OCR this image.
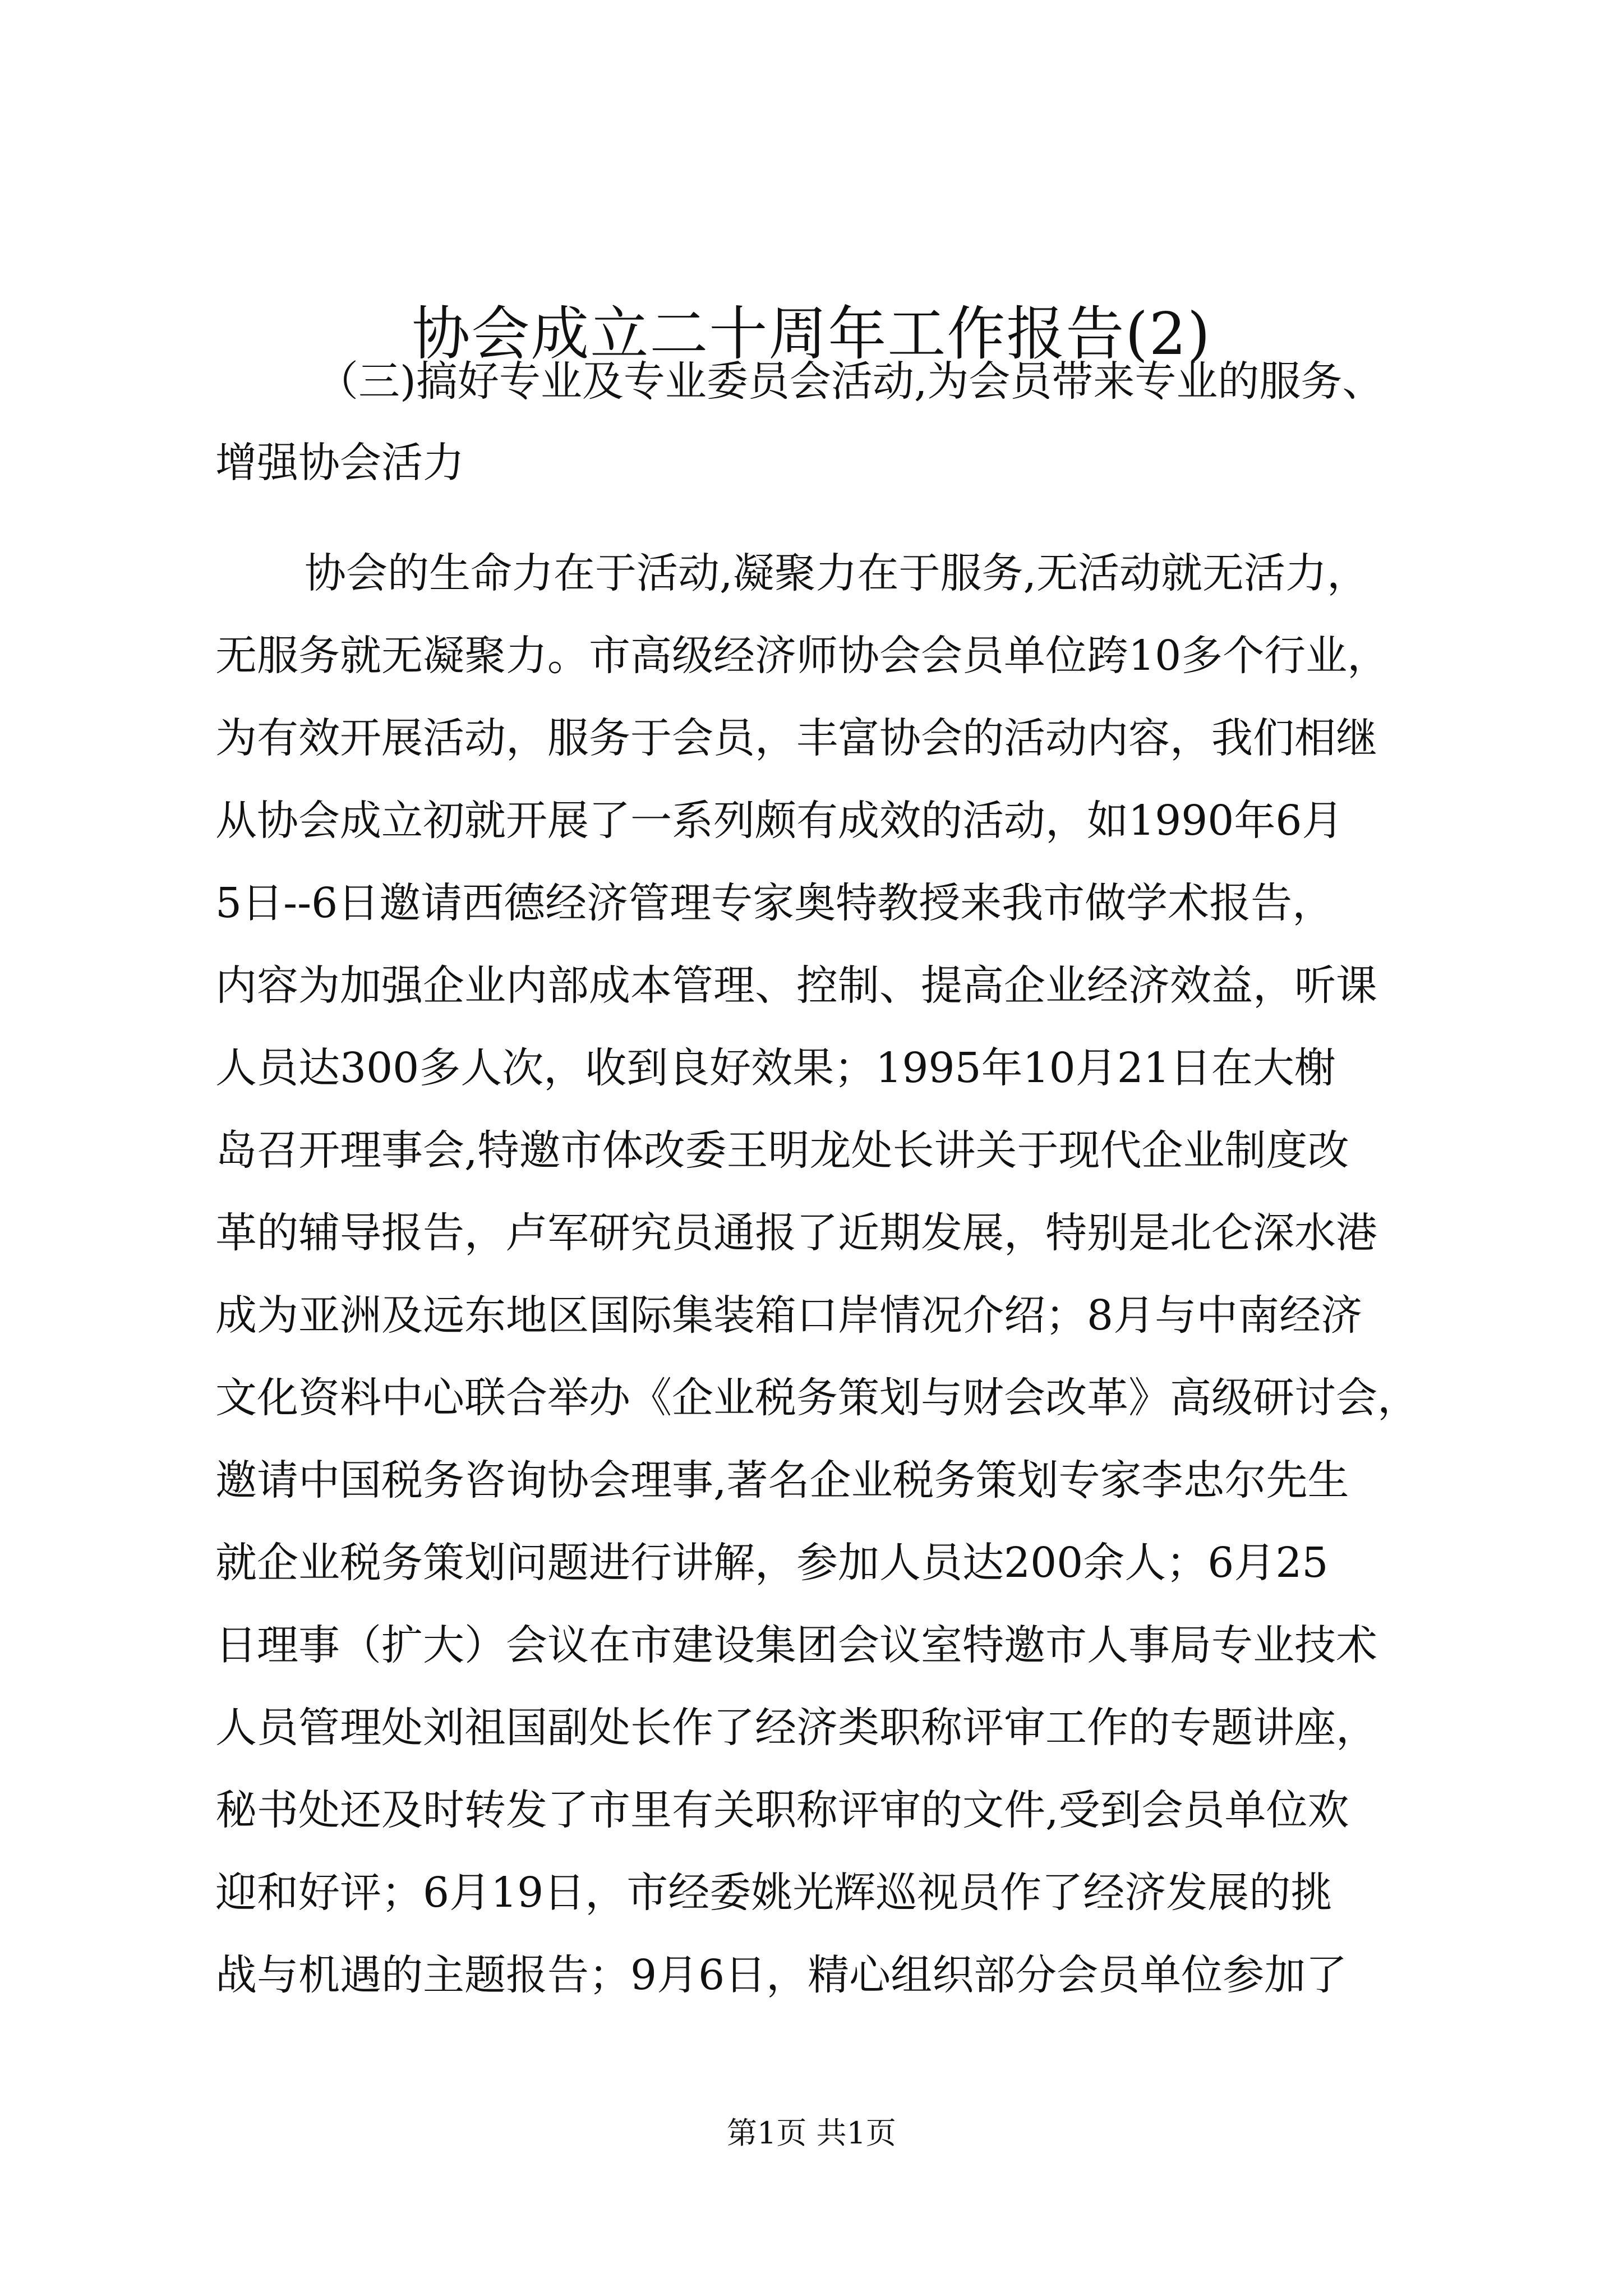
协会成立二十周年工作报告(2)
（三)搞好专业及专业委员会活动,为会员带来专业的服务、
增强协会活力
协会的生命力在于活动,凝聚力在于服务,无活动就无活力，
无服务就无凝聚力。市高级经济师协会会员单位跨10多个行业，
为有效开展活动，服务于会员，丰富协会的活动内容，我们相继
从协会成立初就开展了一系列颇有成效的活动，如1990年6月
5日--6日邀请西德经济管理专家奥特教授来我市做学术报告，
内容为加强企业内部成本管理、控制、提高企业经济效益，听课
人员达300多人次，收到良好效果；1995年10月21日在大榭
岛召开理事会,特邀市体改委王明龙处长讲关于现代企业制度改
革的辅导报告，卢军研究员通报了近期发展，特别是北仑深水港
成为亚洲及远东地区国际集装箱口岸情况介绍；8月与中南经济
文化资料中心联合举办《企业税务策划与财会改革》高级研讨会，
邀请中国税务咨询协会理事,著名企业税务策划专家李忠尔先生
就企业税务策划问题进行讲解，参加人员达200余人；6月25
日理事（扩大）会议在市建设集团会议室特邀市人事局专业技术
人员管理处刘祖国副处长作了经济类职称评审工作的专题讲座，
秘书处还及时转发了市里有关职称评审的文件,受到会员单位欢
迎和好评；6月19日，市经委姚光辉巡视员作了经济发展的挑
战与机遇的主题报告；9月6日，精心组织部分会员单位参加了
第1页 共1页
